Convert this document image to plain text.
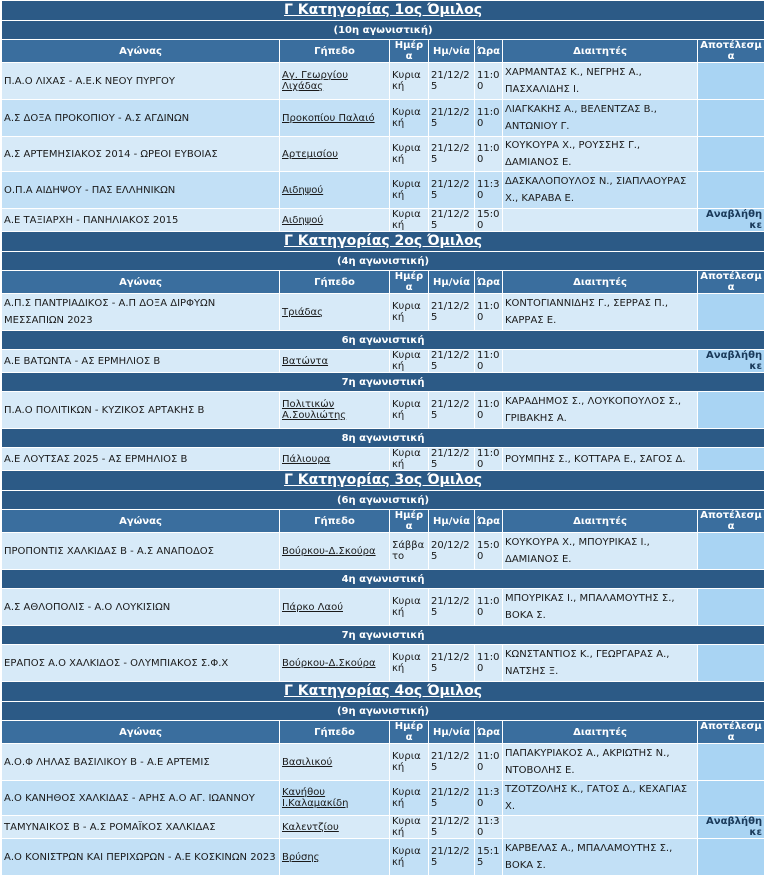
Γ Κατηγορίας 1ος Όμιλος						
(10η αγωνιστική)						
Αγώνας	Γήπεδο	Ημέρα	Ημ/νία	Ώρα	Διαιτητές	Αποτέλεσμα
Π.Α.Ο ΛΙΧΑΣ - Α.Ε.Κ ΝΕΟΥ ΠΥΡΓΟΥ	Αγ. Γεωργίου Λιχάδας	Κυριακή	21/12/25	11:00	ΧΑΡΜΑΝΤΑΣ Κ., ΝΕΓΡΗΣ Α., ΠΑΣΧΑΛΙΔΗΣ Ι.	
Α.Σ ΔΟΞΑ ΠΡΟΚΟΠΙΟΥ - Α.Σ ΑΓΔΙΝΩΝ	Προκοπίου Παλαιό	Κυριακή	21/12/25	11:00	ΛΙΑΓΚΑΚΗΣ Α., ΒΕΛΕΝΤΖΑΣ Β., ΑΝΤΩΝΙΟΥ Γ.	
Α.Σ ΑΡΤΕΜΗΣΙΑΚΟΣ 2014 - ΩΡΕΟΙ ΕΥΒΟΙΑΣ	Αρτεμισίου	Κυριακή	21/12/25	11:00	ΚΟΥΚΟΥΡΑ Χ., ΡΟΥΣΣΗΣ Γ., ΔΑΜΙΑΝΟΣ Ε.	
Ο.Π.Α ΑΙΔΗΨΟΥ - ΠΑΣ ΕΛΛΗΝΙΚΩΝ	Αιδηψού	Κυριακή	21/12/25	11:30	ΔΑΣΚΑΛΟΠΟΥΛΟΣ Ν., ΣΙΑΠΛΑΟΥΡΑΣ Χ., ΚΑΡΑΒΑ Ε.	
Α.Ε ΤΑΞΙΑΡΧΗ - ΠΑΝΗΛΙΑΚΟΣ 2015	Αιδηψού	Κυριακή	21/12/25	15:00		Αναβλήθηκε
Γ Κατηγορίας 2ος Όμιλος						
(4η αγωνιστική)						
Αγώνας	Γήπεδο	Ημέρα	Ημ/νία	Ώρα	Διαιτητές	Αποτέλεσμα
Α.Π.Σ ΠΑΝΤΡΙΑΔΙΚΟΣ - Α.Π ΔΟΞΑ ΔΙΡΦΥΩΝ ΜΕΣΣΑΠΙΩΝ 2023	Τριάδας	Κυριακή	21/12/25	11:00	ΚΟΝΤΟΓΙΑΝΝΙΔΗΣ Γ., ΣΕΡΡΑΣ Π., ΚΑΡΡΑΣ Ε.	
6η αγωνιστική						
Α.Ε ΒΑΤΩΝΤΑ - ΑΣ ΕΡΜΗΛΙΟΣ Β	Βατώντα	Κυριακή	21/12/25	11:00		Αναβλήθηκε
7η αγωνιστική						
Π.Α.Ο ΠΟΛΙΤΙΚΩΝ - ΚΥΖΙΚΟΣ ΑΡΤΑΚΗΣ Β	Πολιτικών Α.Σουλιώτης	Κυριακή	21/12/25	11:00	ΚΑΡΑΔΗΜΟΣ Σ., ΛΟΥΚΟΠΟΥΛΟΣ Σ., ΓΡΙΒΑΚΗΣ Α.	
8η αγωνιστική						
Α.Ε ΛΟΥΤΣΑΣ 2025 - ΑΣ ΕΡΜΗΛΙΟΣ Β	Πάλιουρα	Κυριακή	21/12/25	11:00	ΡΟΥΜΠΗΣ Σ., ΚΟΤΤΑΡΑ Ε., ΣΑΓΟΣ Δ.	
Γ Κατηγορίας 3ος Όμιλος						
(6η αγωνιστική)						
Αγώνας	Γήπεδο	Ημέρα	Ημ/νία	Ώρα	Διαιτητές	Αποτέλεσμα
ΠΡΟΠΟΝΤΙΣ ΧΑΛΚΙΔΑΣ Β - Α.Σ ΑΝΑΠΟΔΟΣ	Βούρκου-Δ.Σκούρα	Σάββατο	20/12/25	15:00	ΚΟΥΚΟΥΡΑ Χ., ΜΠΟΥΡΙΚΑΣ Ι., ΔΑΜΙΑΝΟΣ Ε.	
4η αγωνιστική						
Α.Σ ΑΘΛΟΠΟΛΙΣ - Α.Ο ΛΟΥΚΙΣΙΩΝ	Πάρκο Λαού	Κυριακή	21/12/25	11:00	ΜΠΟΥΡΙΚΑΣ Ι., ΜΠΑΛΑΜΟΥΤΗΣ Σ., ΒΟΚΑ Σ.	
7η αγωνιστική						
ΕΡΑΠΟΣ Α.Ο ΧΑΛΚΙΔΟΣ - ΟΛΥΜΠΙΑΚΟΣ Σ.Φ.Χ	Βούρκου-Δ.Σκούρα	Κυριακή	21/12/25	11:00	ΚΩΝΣΤΑΝΤΙΟΣ Κ., ΓΕΩΡΓΑΡΑΣ Α., ΝΑΤΣΗΣ Ξ.	
Γ Κατηγορίας 4ος Όμιλος						
(9η αγωνιστική)						
Αγώνας	Γήπεδο	Ημέρα	Ημ/νία	Ώρα	Διαιτητές	Αποτέλεσμα
Α.Ο.Φ ΛΗΛΑΣ ΒΑΣΙΛΙΚΟΥ Β - Α.Ε ΑΡΤΕΜΙΣ	Βασιλικού	Κυριακή	21/12/25	11:00	ΠΑΠΑΚΥΡΙΑΚΟΣ Α., ΑΚΡΙΩΤΗΣ Ν., ΝΤΟΒΟΛΗΣ Ε.	
Α.Ο ΚΑΝΗΘΟΣ ΧΑΛΚΙΔΑΣ - ΑΡΗΣ Α.Ο ΑΓ. ΙΩΑΝΝΟΥ	Κανήθου Ι.Καλαμακίδη	Κυριακή	21/12/25	11:30	ΤΖΟΤΖΟΛΗΣ Κ., ΓΑΤΟΣ Δ., ΚΕΧΑΓΙΑΣ Χ.	
ΤΑΜΥΝΑΙΚΟΣ Β - Α.Σ ΡΟΜΑΪΚΟΣ ΧΑΛΚΙΔΑΣ	Καλεντζίου	Κυριακή	21/12/25	11:30		Αναβλήθηκε
Α.Ο ΚΟΝΙΣΤΡΩΝ ΚΑΙ ΠΕΡΙΧΩΡΩΝ - Α.Ε ΚΟΣΚΙΝΩΝ 2023	Βρύσης	Κυριακή	21/12/25	15:15	ΚΑΡΒΕΛΑΣ Α., ΜΠΑΛΑΜΟΥΤΗΣ Σ., ΒΟΚΑ Σ.	
